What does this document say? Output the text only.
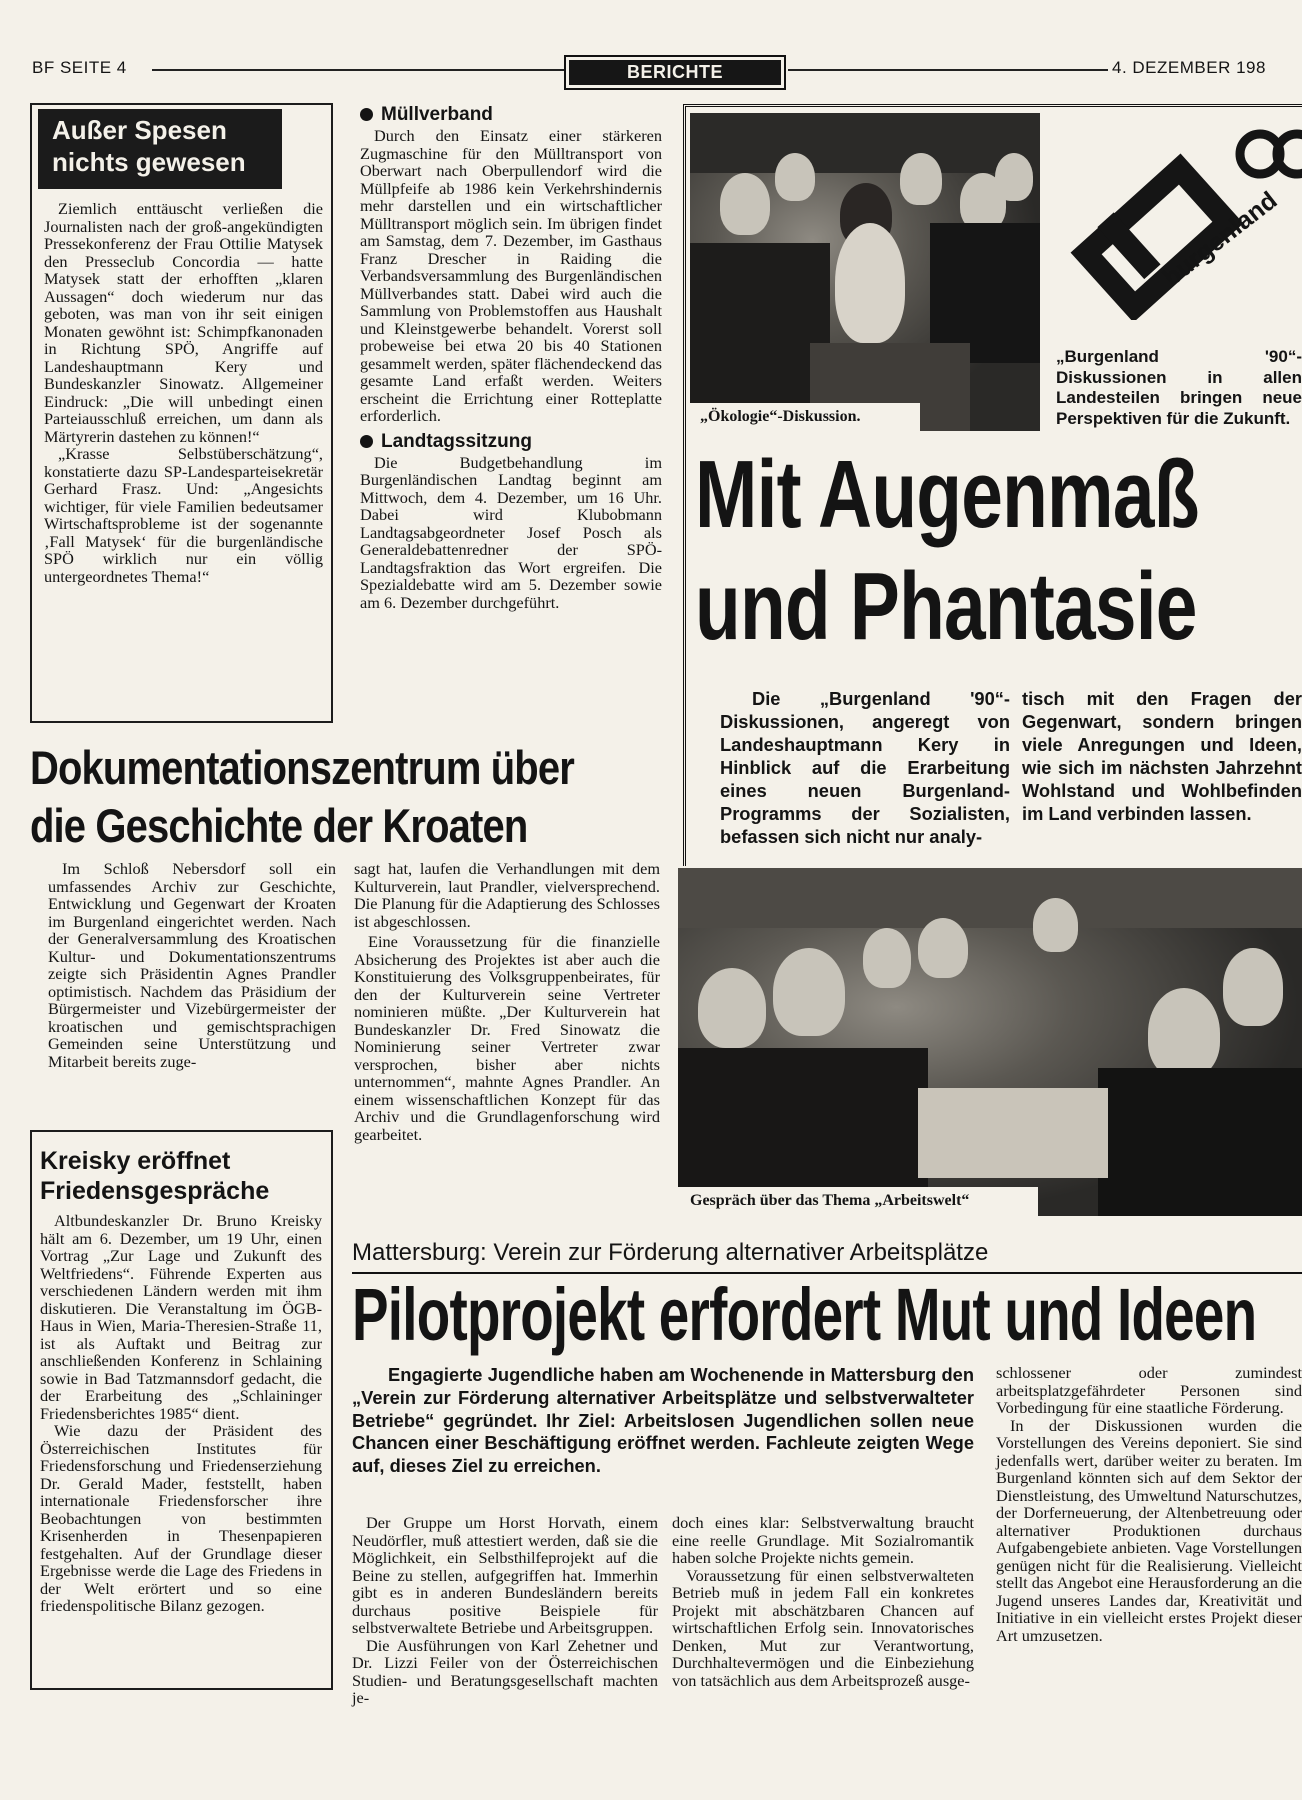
BF SEITE 4	BERICHTE	4. DEZEMBER 198
Außer Spesen
nichts gewesen

Ziemlich enttäuscht verließen die Journalisten nach der groß-angekündigten Pressekonferenz der Frau Ottilie Matysek den Presseclub Concordia — hatte Matysek statt der erhofften „klaren Aussagen“ doch wiederum nur das geboten, was man von ihr seit einigen Monaten gewöhnt ist: Schimpfkanonaden in Richtung SPÖ, Angriffe auf Landeshauptmann Kery und Bundeskanzler Sinowatz. Allgemeiner Eindruck: „Die will unbedingt einen Parteiausschluß erreichen, um dann als Märtyrerin dastehen zu können!“

„Krasse Selbstüberschätzung“, konstatierte dazu SP-Landesparteisekretär Gerhard Frasz. Und: „Angesichts wichtiger, für viele Familien bedeutsamer Wirtschaftsprobleme ist der sogenannte ‚Fall Matysek‘ für die burgenländische SPÖ wirklich nur ein völlig untergeordnetes Thema!“

Müllverband

Durch den Einsatz einer stärkeren Zugmaschine für den Mülltransport von Oberwart nach Oberpullendorf wird die Müllpfeife ab 1986 kein Verkehrshindernis mehr darstellen und ein wirtschaftlicher Mülltransport möglich sein. Im übrigen findet am Samstag, dem 7. Dezember, im Gasthaus Franz Drescher in Raiding die Verbandsversammlung des Burgenländischen Müllverbandes statt. Dabei wird auch die Sammlung von Problemstoffen aus Haushalt und Kleinstgewerbe behandelt. Vorerst soll probeweise bei etwa 20 bis 40 Stationen gesammelt werden, später flächendeckend das gesamte Land erfaßt werden. Weiters erscheint die Errichtung einer Rotteplatte erforderlich.

Landtagssitzung

Die Budgetbehandlung im Burgenländischen Landtag beginnt am Mittwoch, dem 4. Dezember, um 16 Uhr. Dabei wird Klubobmann Landtagsabgeordneter Josef Posch als Generaldebattenredner der SPÖ-Landtagsfraktion das Wort ergreifen. Die Spezialdebatte wird am 5. Dezember sowie am 6. Dezember durchgeführt.

„Ökologie“-Diskussion.
burgenland
„Burgenland '90“-Diskussionen in allen Landesteilen bringen neue Perspektiven für die Zukunft.
Mit Augenmaß
und Phantasie
Die „Burgenland '90“-Diskussionen, angeregt von Landeshauptmann Kery in Hinblick auf die Erarbeitung eines neuen Burgenland-Programms der Sozialisten, befassen sich nicht nur analy-
tisch mit den Fragen der Gegenwart, sondern bringen viele Anregungen und Ideen, wie sich im nächsten Jahrzehnt Wohlstand und Wohlbefinden im Land verbinden lassen.
Dokumentationszentrum über
die Geschichte der Kroaten

Im Schloß Nebersdorf soll ein umfassendes Archiv zur Geschichte, Entwicklung und Gegenwart der Kroaten im Burgenland eingerichtet werden. Nach der Generalversammlung des Kroatischen Kultur- und Dokumentationszentrums zeigte sich Präsidentin Agnes Prandler optimistisch. Nachdem das Präsidium der Bürgermeister und Vizebürgermeister der kroatischen und gemischtsprachigen Gemeinden seine Unterstützung und Mitarbeit bereits zuge-

sagt hat, laufen die Verhandlungen mit dem Kulturverein, laut Prandler, vielversprechend. Die Planung für die Adaptierung des Schlosses ist abgeschlossen.

Eine Voraussetzung für die finanzielle Absicherung des Projektes ist aber auch die Konstituierung des Volksgruppenbeirates, für den der Kulturverein seine Vertreter nominieren müßte. „Der Kulturverein hat Bundeskanzler Dr. Fred Sinowatz die Nominierung seiner Vertreter zwar versprochen, bisher aber nichts unternommen“, mahnte Agnes Prandler. An einem wissenschaftlichen Konzept für das Archiv und die Grundlagenforschung wird gearbeitet.

Gespräch über das Thema „Arbeitswelt“
Kreisky eröffnet
Friedensgespräche

Altbundeskanzler Dr. Bruno Kreisky hält am 6. Dezember, um 19 Uhr, einen Vortrag „Zur Lage und Zukunft des Weltfriedens“. Führende Experten aus verschiedenen Ländern werden mit ihm diskutieren. Die Veranstaltung im ÖGB-Haus in Wien, Maria-Theresien-Straße 11, ist als Auftakt und Beitrag zur anschließenden Konferenz in Schlaining sowie in Bad Tatzmannsdorf gedacht, die der Erarbeitung des „Schlaininger Friedensberichtes 1985“ dient.

Wie dazu der Präsident des Österreichischen Institutes für Friedensforschung und Friedenserziehung Dr. Gerald Mader, feststellt, haben internationale Friedensforscher ihre Beobachtungen von bestimmten Krisenherden in Thesenpapieren festgehalten. Auf der Grundlage dieser Ergebnisse werde die Lage des Friedens in der Welt erörtert und so eine friedenspolitische Bilanz gezogen.

Mattersburg: Verein zur Förderung alternativer Arbeitsplätze
Pilotprojekt erfordert Mut und Ideen

Engagierte Jugendliche haben am Wochenende in Mattersburg den „Verein zur Förderung alternativer Arbeitsplätze und selbstverwalteter Betriebe“ gegründet. Ihr Ziel: Arbeitslosen Jugendlichen sollen neue Chancen einer Beschäftigung eröffnet werden. Fachleute zeigten Wege auf, dieses Ziel zu erreichen.

Der Gruppe um Horst Horvath, einem Neudörfler, muß attestiert werden, daß sie die Möglichkeit, ein Selbsthilfeprojekt auf die Beine zu stellen, aufgegriffen hat. Immerhin gibt es in anderen Bundesländern bereits durchaus positive Beispiele für selbstverwaltete Betriebe und Arbeitsgruppen.

Die Ausführungen von Karl Zehetner und Dr. Lizzi Feiler von der Österreichischen Studien- und Beratungsgesellschaft machten je-

doch eines klar: Selbstverwaltung braucht eine reelle Grundlage. Mit Sozialromantik haben solche Projekte nichts gemein.

Voraussetzung für einen selbstverwalteten Betrieb muß in jedem Fall ein konkretes Projekt mit abschätzbaren Chancen auf wirtschaftlichen Erfolg sein. Innovatorisches Denken, Mut zur Verantwortung, Durchhaltevermögen und die Einbeziehung von tatsächlich aus dem Arbeitsprozeß ausge-

schlossener oder zumindest arbeitsplatzgefährdeter Personen sind Vorbedingung für eine staatliche Förderung.

In der Diskussionen wurden die Vorstellungen des Vereins deponiert. Sie sind jedenfalls wert, darüber weiter zu beraten. Im Burgenland könnten sich auf dem Sektor der Dienstleistung, des Umweltund Naturschutzes, der Dorferneuerung, der Altenbetreuung oder alternativer Produktionen durchaus Aufgabengebiete anbieten. Vage Vorstellungen genügen nicht für die Realisierung. Vielleicht stellt das Angebot eine Herausforderung an die Jugend unseres Landes dar, Kreativität und Initiative in ein vielleicht erstes Projekt dieser Art umzusetzen.
